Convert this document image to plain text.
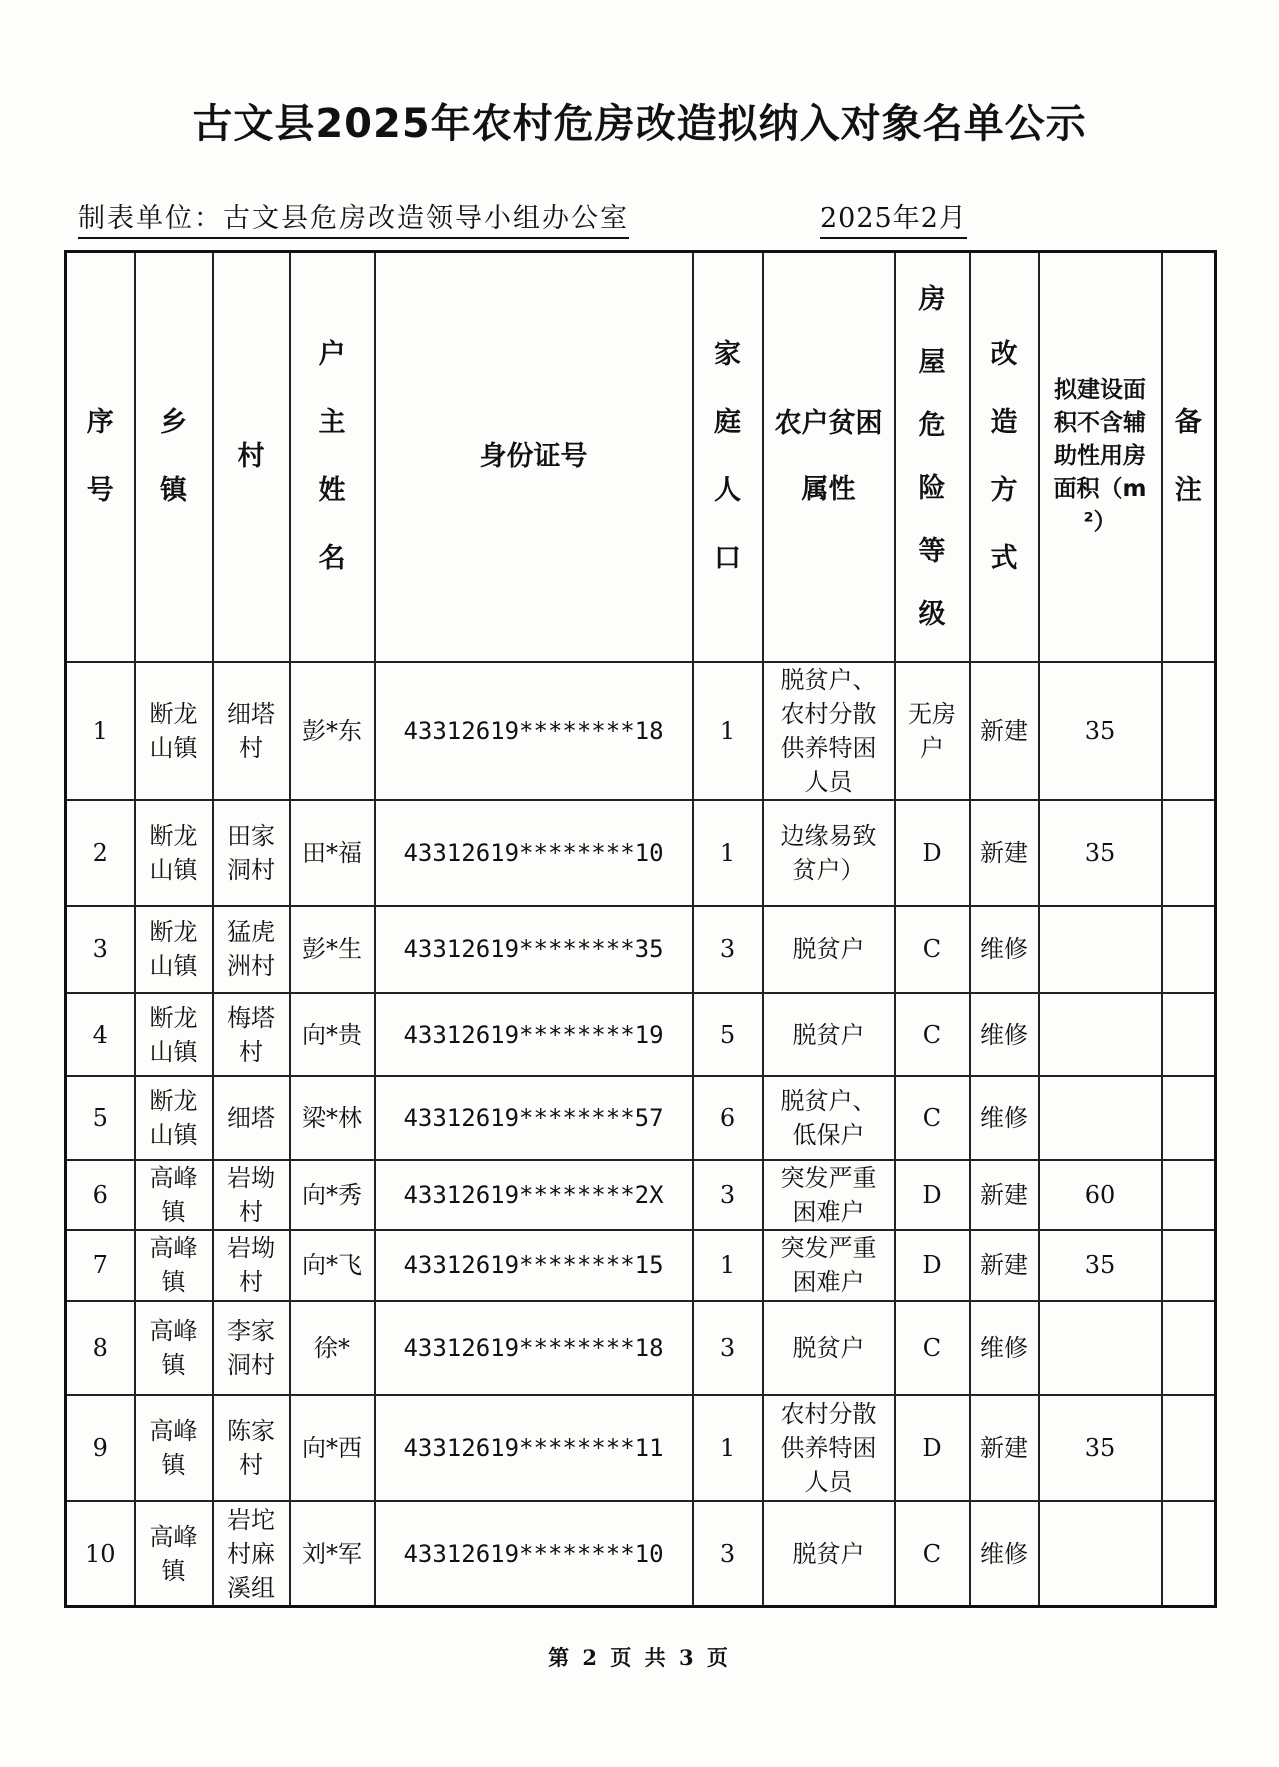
古文县2025年农村危房改造拟纳入对象名单公示
制表单位：古文县危房改造领导小组办公室	2025年2月
序号	乡镇	村	户主姓名	身份证号	家庭人口	农户贫困属性	房屋危险等级	改造方式	拟建设面积不含辅助性用房面积（m²）	备注
1	断龙山镇	细塔村	彭*东	43312619********18	1	脱贫户、农村分散供养特困人员	无房户	新建	35	
2	断龙山镇	田家洞村	田*福	43312619********10	1	边缘易致贫户）	D	新建	35	
3	断龙山镇	猛虎洲村	彭*生	43312619********35	3	脱贫户	C	维修		
4	断龙山镇	梅塔村	向*贵	43312619********19	5	脱贫户	C	维修		
5	断龙山镇	细塔	梁*林	43312619********57	6	脱贫户、低保户	C	维修		
6	高峰镇	岩坳村	向*秀	43312619********2X	3	突发严重困难户	D	新建	60	
7	高峰镇	岩坳村	向*飞	43312619********15	1	突发严重困难户	D	新建	35	
8	高峰镇	李家洞村	徐*	43312619********18	3	脱贫户	C	维修		
9	高峰镇	陈家村	向*西	43312619********11	1	农村分散供养特困人员	D	新建	35	
10	高峰镇	岩坨村麻溪组	刘*军	43312619********10	3	脱贫户	C	维修		
第 2 页 共 3 页
